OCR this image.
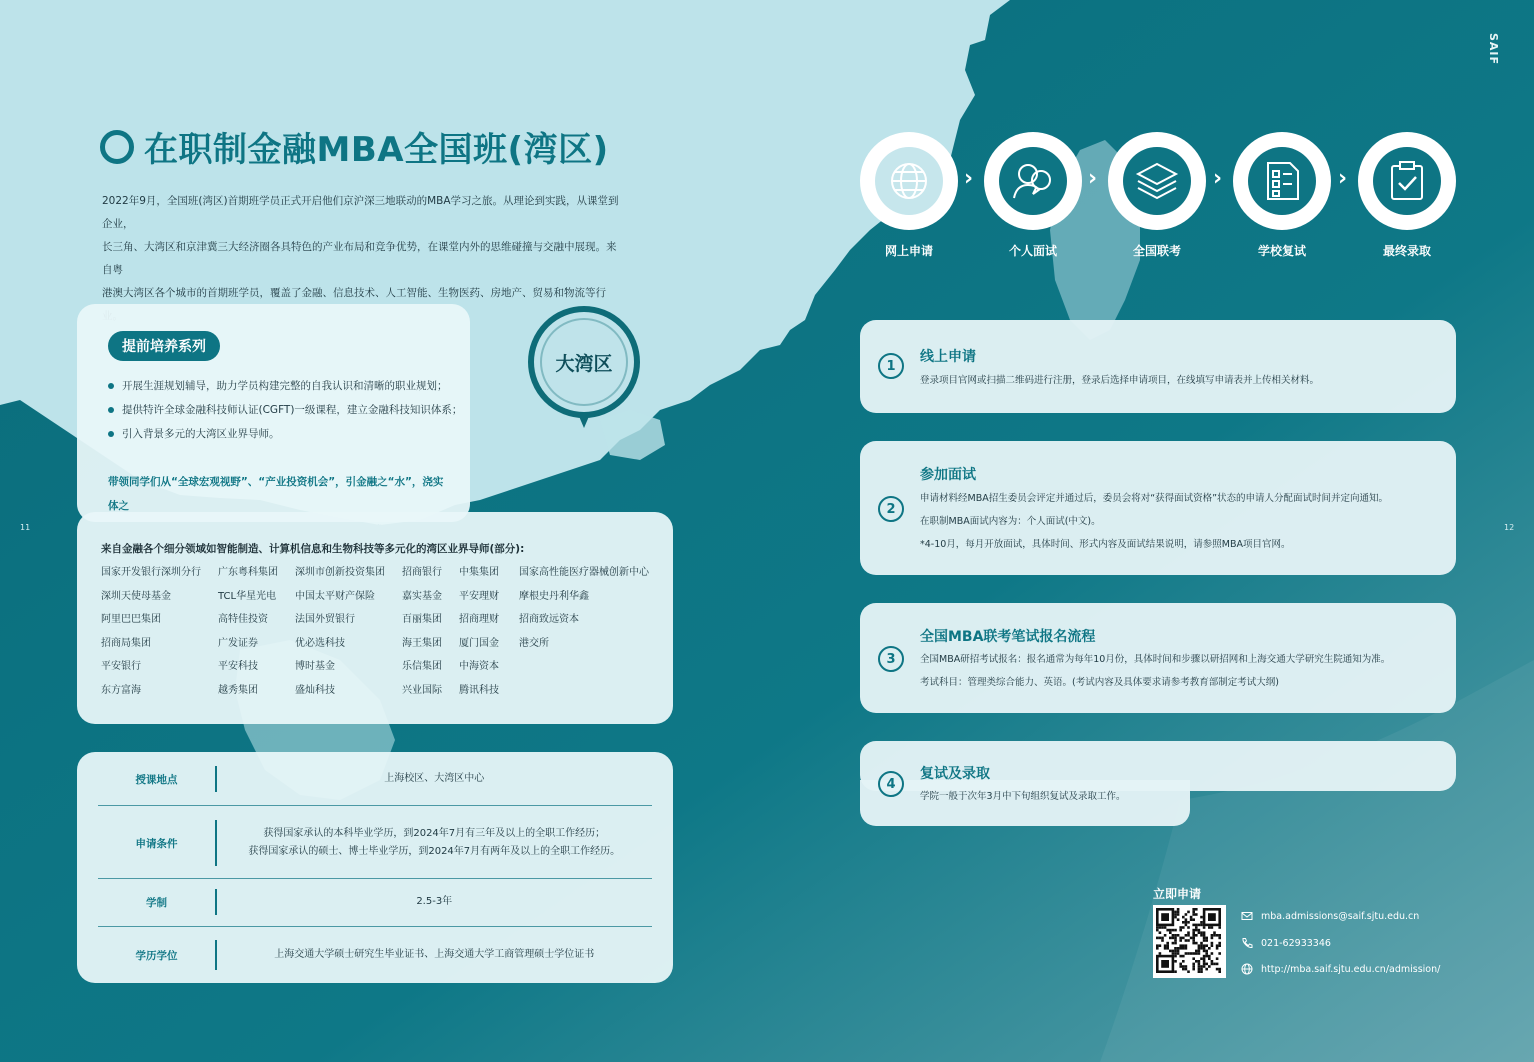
在职制金融MBA全国班(湾区)
2022年9月，全国班(湾区)首期班学员正式开启他们京沪深三地联动的MBA学习之旅。从理论到实践，从课堂到企业，
长三角、大湾区和京津冀三大经济圈各具特色的产业布局和竞争优势，在课堂内外的思维碰撞与交融中展现。来自粤
港澳大湾区各个城市的首期班学员，覆盖了金融、信息技术、人工智能、生物医药、房地产、贸易和物流等行
提前培养系列
开展生涯规划辅导，助力学员构建完整的自我认识和清晰的职业规划；
提供特许全球金融科技师认证(CGFT)一级课程，建立金融科技知识体系；
引入背景多元的大湾区业界导师。
带领同学们从“全球宏观视野”、“产业投资机会”，引金融之“水”，浇实体之
大湾区
来自金融各个细分领域如智能制造、计算机信息和生物科技等多元化的湾区业界导师(部分):
国家开发银行深圳分行	广东粤科集团	深圳市创新投资集团	招商银行	中集集团	国家高性能医疗器械创新中心
深圳天使母基金	TCL华星光电	中国太平财产保险	嘉实基金	平安理财	摩根史丹利华鑫
阿里巴巴集团	高特佳投资	法国外贸银行	百丽集团	招商理财	招商致远资本
招商局集团	广发证券	优必选科技	海王集团	厦门国金	港交所
平安银行	平安科技	博时基金	乐信集团	中海资本
东方富海	越秀集团	盛灿科技	兴业国际	腾讯科技
授课地点	上海校区、大湾区中心
申请条件
获得国家承认的本科毕业学历，到2024年7月有三年及以上的全职工作经历；
获得国家承认的硕士、博士毕业学历，到2024年7月有两年及以上的全职工作经历。
学制	2.5-3年
学历学位	上海交通大学硕士研究生毕业证书、上海交通大学工商管理硕士学位证书
11	12
SAIF
›	›	›	›
网上申请	个人面试	全国联考	学校复试	最终录取
1
线上申请
登录项目官网或扫描二维码进行注册，登录后选择申请项目，在线填写申请表并上传相关材料。
2
参加面试
申请材料经MBA招生委员会评定并通过后，委员会将对“获得面试资格”状态的申请人分配面试时间并定向通知。
在职制MBA面试内容为：个人面试(中文)。
*4-10月，每月开放面试，具体时间、形式内容及面试结果说明，请参照MBA项目官网。
3
全国MBA联考笔试报名流程
全国MBA研招考试报名：报名通常为每年10月份，具体时间和步骤以研招网和上海交通大学研究生院通知为准。
考试科目：管理类综合能力、英语。(考试内容及具体要求请参考教育部制定考试大纲)
4
复试及录取
学院一般于次年3月中下旬组织复试及录取工作。
立即申请
mba.admissions@saif.sjtu.edu.cn
021-62933346
http://mba.saif.sjtu.edu.cn/admission/
